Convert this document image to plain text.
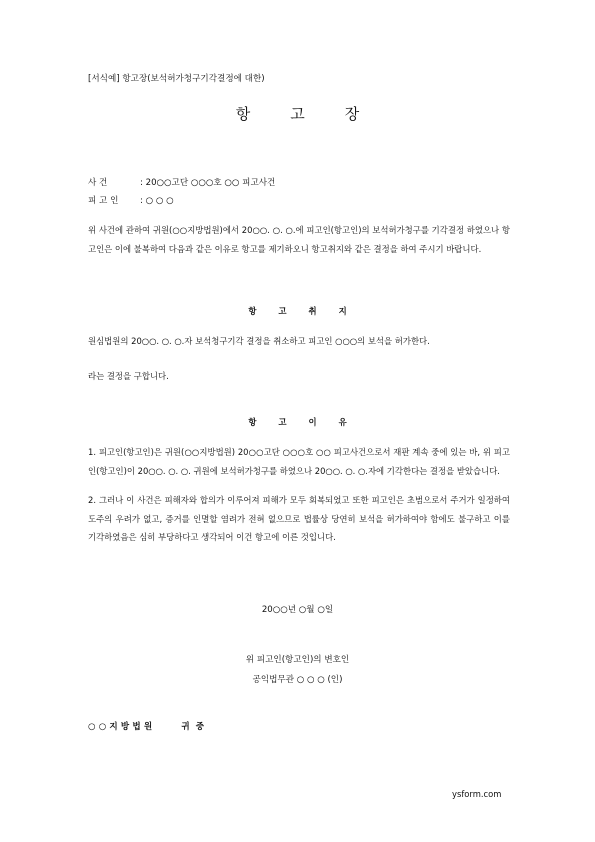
[서식예] 항고장(보석허가청구기각결정에 대한)
항고장
사 건	: 20○○고단 ○○○호 ○○ 피고사건
피 고 인	: ○ ○ ○
위 사건에 관하여 귀원(○○지방법원)에서 20○○. ○. ○.에 피고인(항고인)의 보석허가청구를 기각결정 하였으나 항고인은 이에 불복하여 다음과 같은 이유로 항고를 제기하오니 항고취지와 같은 결정을 하여 주시기 바랍니다.
항고취지
원심법원의 20○○. ○. ○.자 보석청구기각 결정을 취소하고 피고인 ○○○의 보석을 허가한다.
라는 결정을 구합니다.
항고이유
1. 피고인(항고인)은 귀원(○○지방법원) 20○○고단 ○○○호 ○○ 피고사건으로서 재판 계속 중에 있는 바, 위 피고인(항고인)이 20○○. ○. ○. 귀원에 보석허가청구를 하였으나 20○○. ○. ○.자에 기각한다는 결정을 받았습니다.
2. 그러나 이 사건은 피해자와 합의가 이루어져 피해가 모두 회복되었고 또한 피고인은 초범으로서 주거가 일정하여 도주의 우려가 없고, 증거를 인멸할 염려가 전혀 없으므로 법률상 당연히 보석을 허가하여야 함에도 불구하고 이를 기각하였음은 심히 부당하다고 생각되어 이건 항고에 이른 것입니다.
20○○년 ○월 ○일
위 피고인(항고인)의 변호인
공익법무관 ○ ○ ○ (인)
○○지방법원	귀중
ysform.com
